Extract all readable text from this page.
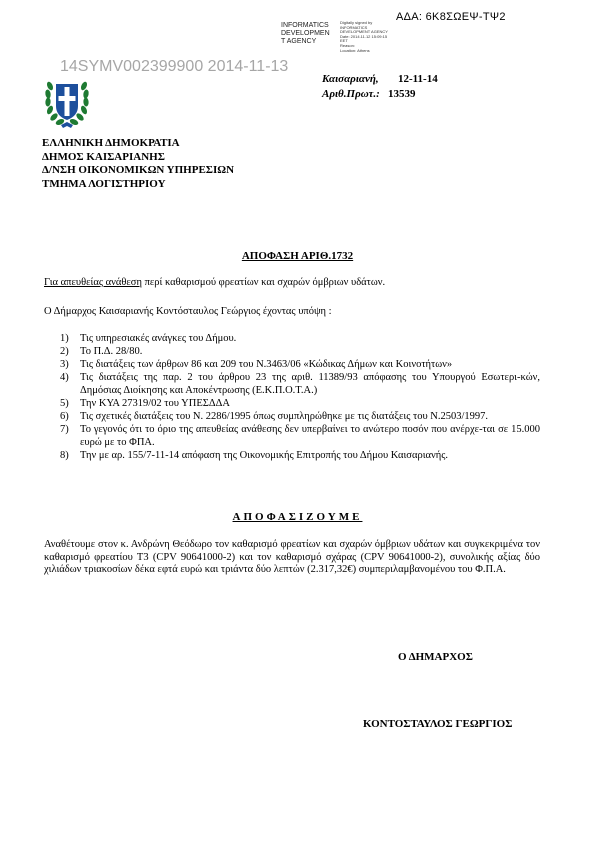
ΑΔΑ: 6Κ8ΣΩΕΨ-ΤΨ2
INFORMATICS
DEVELOPMEN
T AGENCY
Digitally signed by
INFORMATICS
DEVELOPMENT AGENCY
Date: 2014.11.12 15:09:15
EET
Reason:
Location: Athens
14SYMV002399900 2014-11-13
Καισαριανή, 12-11-14
Αριθ.Πρωτ.: 13539
ΕΛΛΗΝΙΚΗ ΔΗΜΟΚΡΑΤΙΑ
ΔΗΜΟΣ ΚΑΙΣΑΡΙΑΝΗΣ
Δ/ΝΣΗ ΟΙΚΟΝΟΜΙΚΩΝ ΥΠΗΡΕΣΙΩΝ
ΤΜΗΜΑ ΛΟΓΙΣΤΗΡΙΟΥ
ΑΠΟΦΑΣΗ ΑΡΙΘ.1732
Για απευθείας ανάθεση περί καθαρισμού φρεατίων και σχαρών όμβριων υδάτων.
Ο Δήμαρχος Καισαριανής Κοντόσταυλος Γεώργιος έχοντας υπόψη :
1)	Τις υπηρεσιακές ανάγκες του Δήμου.
2)	Το Π.Δ. 28/80.
3)	Τις διατάξεις των άρθρων 86 και 209 του Ν.3463/06 «Κώδικας Δήμων και Κοινοτήτων»
4)	Τις διατάξεις της παρ. 2 του άρθρου 23 της αριθ. 11389/93 απόφασης του Υπουργού Εσωτερι-κών, Δημόσιας Διοίκησης και Αποκέντρωσης (Ε.Κ.Π.Ο.Τ.Α.)
5)	Την ΚΥΑ 27319/02 του ΥΠΕΣΔΔΑ
6)	Τις σχετικές διατάξεις του Ν. 2286/1995 όπως συμπληρώθηκε με τις διατάξεις του Ν.2503/1997.
7)	Το γεγονός ότι το όριο της απευθείας ανάθεσης δεν υπερβαίνει το ανώτερο ποσόν που ανέρχε-ται σε 15.000 ευρώ με το ΦΠΑ.
8)	Την με αρ. 155/7-11-14 απόφαση της Οικονομικής Επιτροπής του Δήμου Καισαριανής.
ΑΠΟΦΑΣΙΖΟΥΜΕ
Αναθέτουμε στον κ. Ανδρώνη Θεόδωρο τον καθαρισμό φρεατίων και σχαρών όμβριων υδάτων και συγκεκριμένα τον καθαρισμό φρεατίου Τ3 (CPV 90641000-2) και τον καθαρισμό σχάρας (CPV 90641000-2), συνολικής αξίας δύο χιλιάδων τριακοσίων δέκα εφτά ευρώ και τριάντα δύο λεπτών (2.317,32€) συμπεριλαμβανομένου του Φ.Π.Α.
Ο ΔΗΜΑΡΧΟΣ
ΚΟΝΤΟΣΤΑΥΛΟΣ ΓΕΩΡΓΙΟΣ
